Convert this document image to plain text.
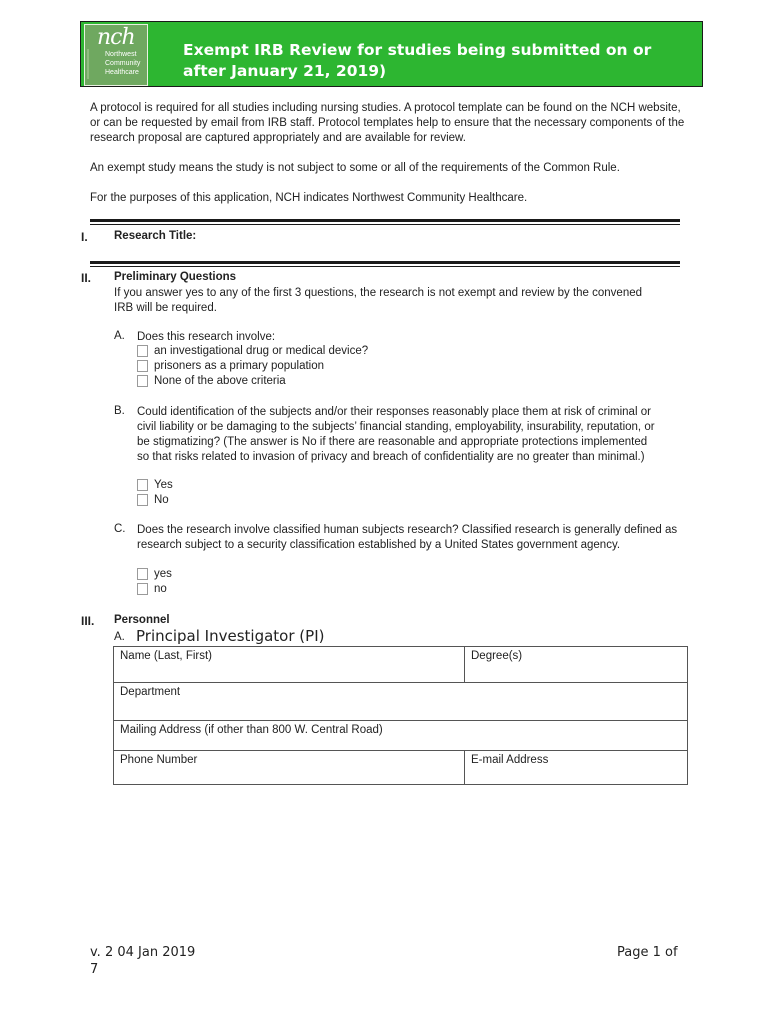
nch
Northwest
Community
Healthcare
Exempt IRB Review for studies being submitted on or after January 21, 2019)
A protocol is required for all studies including nursing studies. A protocol template can be found on the NCH website, or can be requested by email from IRB staff. Protocol templates help to ensure that the necessary components of the research proposal are captured appropriately and are available for review.
An exempt study means the study is not subject to some or all of the requirements of the Common Rule.
For the purposes of this application, NCH indicates Northwest Community Healthcare.
I. Research Title:
II. Preliminary Questions
If you answer yes to any of the first 3 questions, the research is not exempt and review by the convened IRB will be required.
A. Does this research involve:
an investigational drug or medical device?
prisoners as a primary population
None of the above criteria
B. Could identification of the subjects and/or their responses reasonably place them at risk of criminal or civil liability or be damaging to the subjects’ financial standing, employability, insurability, reputation, or be stigmatizing? (The answer is No if there are reasonable and appropriate protections implemented so that risks related to invasion of privacy and breach of confidentiality are no greater than minimal.)
Yes
No
C. Does the research involve classified human subjects research? Classified research is generally defined as research subject to a security classification established by a United States government agency.
yes
no
III. Personnel
A. Principal Investigator (PI)
Name (Last, First)	Degree(s)
Department	
Mailing Address (if other than 800 W. Central Road)	
Phone Number	E-mail Address
v. 2 04 Jan 2019
7
Page 1 of
